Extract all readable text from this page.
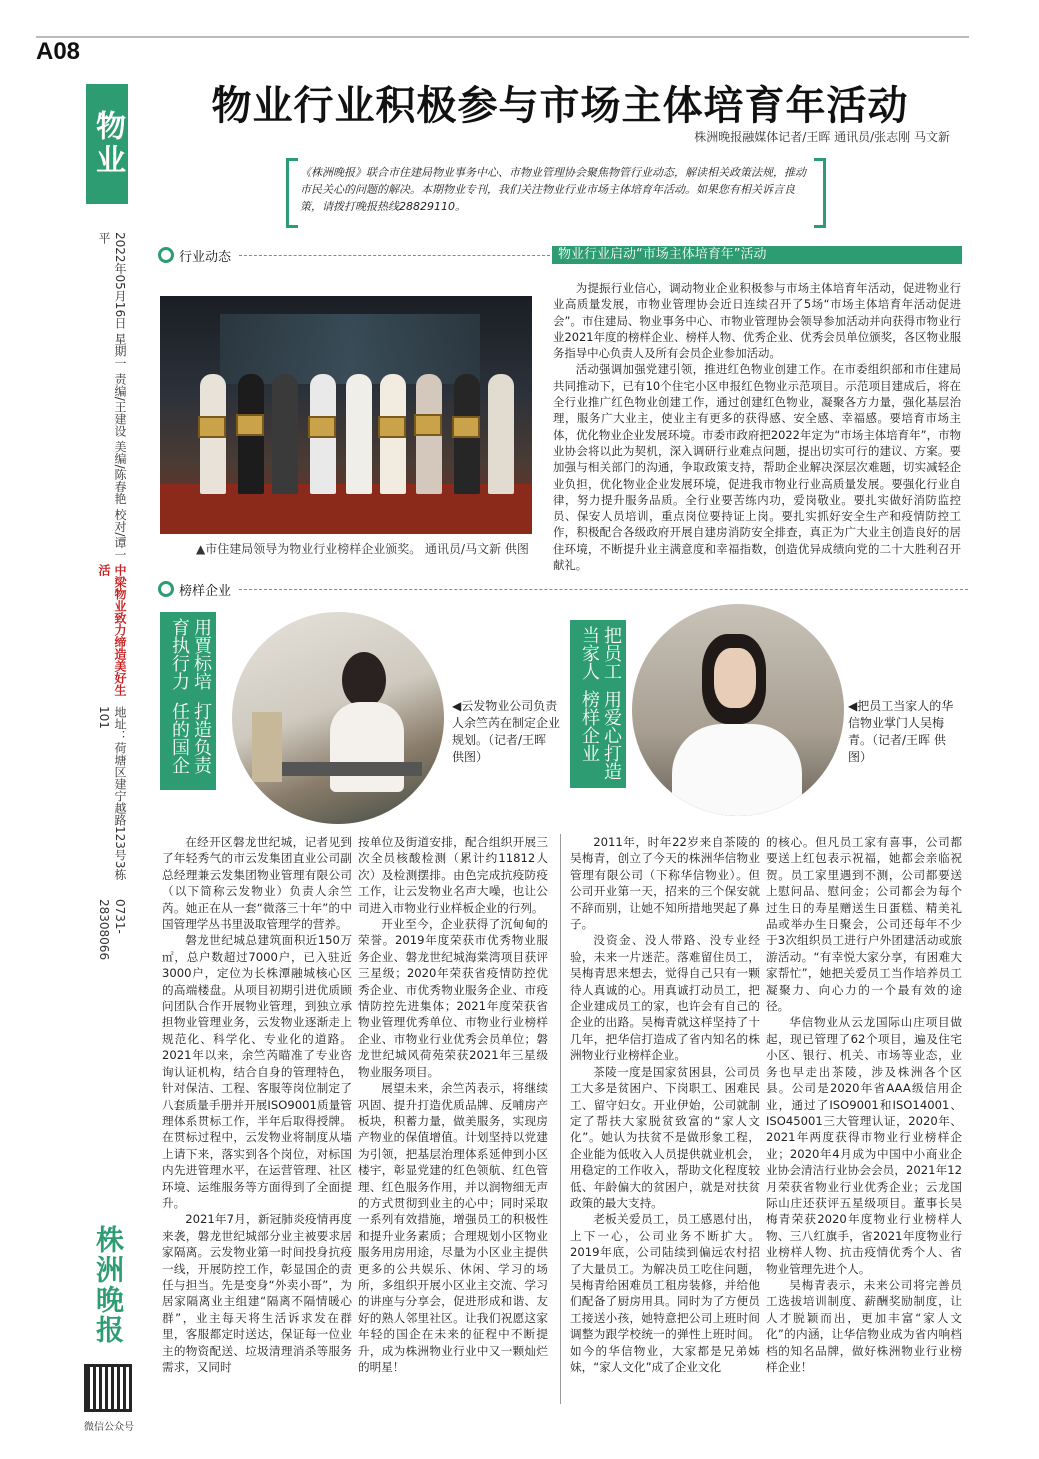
A08
物业
0731-28308066
地址：荷塘区建宁越路123号3栋101
中梁物业致力缔造美好生活
2022年05月16日 星期一 责编/王建设 美编/陈春艳 校对/谭一平
株洲晚报
微信公众号
物业行业积极参与市场主体培育年活动
株洲晚报融媒体记者/王晖 通讯员/张志刚 马文新
《株洲晚报》联合市住建局物业事务中心、市物业管理协会聚焦物管行业动态，解读相关政策法规，推动市民关心的问题的解决。本期物业专刊，我们关注物业行业市场主体培育年活动。如果您有相关诉言良策，请拨打晚报热线28829110。
行业动态	物业行业启动“市场主体培育年”活动
▲市住建局领导为物业行业榜样企业颁奖。 通讯员/马文新 供图

为提振行业信心，调动物业企业积极参与市场主体培育年活动，促进物业行业高质量发展，市物业管理协会近日连续召开了5场“市场主体培育年活动促进会”。市住建局、物业事务中心、市物业管理协会领导参加活动并向获得市物业行业2021年度的榜样企业、榜样人物、优秀企业、优秀会员单位颁奖，各区物业服务指导中心负责人及所有会员企业参加活动。

活动强调加强党建引领，推进红色物业创建工作。在市委组织部和市住建局共同推动下，已有10个住宅小区申报红色物业示范项目。示范项目建成后，将在全行业推广红色物业创建工作，通过创建红色物业，凝聚各方力量，强化基层治理，服务广大业主，使业主有更多的获得感、安全感、幸福感。要培育市场主体，优化物业企业发展环境。市委市政府把2022年定为“市场主体培育年”，市物业协会将以此为契机，深入调研行业难点问题，提出切实可行的建议、方案。要加强与相关部门的沟通，争取政策支持，帮助企业解决深层次难题，切实减轻企业负担，优化物业企业发展环境，促进我市物业行业高质量发展。要强化行业自律，努力提升服务品质。全行业要苦练内功，爱岗敬业。要扎实做好消防监控员、保安人员培训，重点岗位要持证上岗。要扎实抓好安全生产和疫情防控工作，积极配合各级政府开展自建房消防安全排查，真正为广大业主创造良好的居住环境，不断提升业主满意度和幸福指数，创造优异成绩向党的二十大胜利召开献礼。

榜样企业
打造负责任的国企
用賈标培育执行力
◀云发物业公司负责人余竺芮在制定企业规划。（记者/王晖 供图）	用爱心打造榜样企业
把员工当家人
◀把员工当家人的华信物业掌门人吴梅青。（记者/王晖 供图）

在经开区磐龙世纪城，记者见到了年轻秀气的市云发集团直业公司副总经理兼云发集团物业管理有限公司（以下简称云发物业）负责人余竺芮。她正在从一套“微落三十年”的中国管理学丛书里汲取管理学的营养。

磐龙世纪城总建筑面积近150万㎡，总户数超过7000户，已入驻近3000户，定位为长株潭融城核心区的高端楼盘。从项目初期引进优质顾问团队合作开展物业管理，到独立承担物业管理业务，云发物业逐渐走上规范化、科学化、专业化的道路。2021年以来，余竺芮瞄准了专业咨询认证机构，结合自身的管理特色，针对保洁、工程、客服等岗位制定了八套质量手册并开展ISO9001质量管理体系贯标工作，半年后取得授牌。在贯标过程中，云发物业将制度从墙上请下来，落实到各个岗位，对标国内先进管理水平，在运营管理、社区环境、运维服务等方面得到了全面提升。

2021年7月，新冠肺炎疫情再度来袭，磐龙世纪城部分业主被要求居家隔离。云发物业第一时间投身抗疫一线，开展防控工作，彰显国企的责任与担当。先是变身“外卖小哥”，为居家隔离业主组建“隔离不隔情暖心群”，业主每天将生活诉求发在群里，客服都定时送达，保证每一位业主的物资配送、垃圾清理消杀等服务需求，又同时

按单位及街道安排，配合组织开展三次全员核酸检测（累计约11812人次）及检测摆排。由色完成抗疫防疫工作，让云发物业名声大噪，也让公司进入市物业行业样板企业的行列。

开业至今，企业获得了沉甸甸的荣誉。2019年度荣获市优秀物业服务企业、磐龙世纪城海棠湾项目获评三星级；2020年荣获省疫情防控优秀企业、市优秀物业服务企业、市疫情防控先进集体；2021年度荣获省物业管理优秀单位、市物业行业榜样企业、市物业行业优秀会员单位；磐龙世纪城风荷苑荣获2021年三星级物业服务项目。

展望未来，余竺芮表示，将继续巩固、提升打造优质品牌、反哺房产板块，积蓄力量，做美服务，实现房产物业的保值增值。计划坚持以党建为引领，把基层治理体系延伸到小区楼宇，彰显党建的红色领航、红色管理、红色服务作用，并以润物细无声的方式贯彻到业主的心中；同时采取一系列有效措施，增强员工的积极性和提升业务素质；合理规划小区物业服务用房用途，尽量为小区业主提供更多的公共娱乐、休闲、学习的场所，多组织开展小区业主交流、学习的讲座与分享会，促进形成和谐、友好的熟人邻里社区。让我们祝愿这家年轻的国企在未来的征程中不断提升，成为株洲物业行业中又一颗灿烂的明星！

2011年，时年22岁来自茶陵的吴梅青，创立了今天的株洲华信物业管理有限公司（下称华信物业）。但公司开业第一天，招来的三个保安就不辞而别，让她不知所措地哭起了鼻子。

没资金、没人带路、没专业经验，未来一片迷茫。落难留住员工，吴梅青思来想去，觉得自己只有一颗待人真诚的心。用真诚打动员工，把企业建成员工的家，也许会有自己的企业的出路。吴梅青就这样坚持了十几年，把华信打造成了省内知名的株洲物业行业榜样企业。

茶陵一度是国家贫困县，公司员工大多是贫困户、下岗职工、困难民工、留守妇女。开业伊始，公司就制定了帮扶大家脱贫致富的“家人文化”。她认为扶贫不是做形象工程，企业能为低收入人员提供就业机会，用稳定的工作收入，帮助文化程度较低、年龄偏大的贫困户，就是对扶贫政策的最大支持。

老板关爱员工，员工感恩付出，上下一心，公司业务不断扩大。2019年底，公司陆续到偏远农村招了大量员工。为解决员工吃住问题，吴梅青给困难员工租房装修，并给他们配备了厨房用具。同时为了方便员工接送小孩，她特意把公司上班时间调整为跟学校统一的弹性上班时间。如今的华信物业，大家都是兄弟姊妹，“家人文化”成了企业文化

的核心。但凡员工家有喜事，公司都要送上红包表示祝福，她都会亲临祝贺。员工家里遇到不测，公司都要送上慰问品、慰问金；公司都会为每个过生日的寿星赠送生日蛋糕、精美礼品或举办生日聚会，公司还每年不少于3次组织员工进行户外团建活动或旅游活动。“有幸悦大家分享，有困难大家帮忙”，她把关爱员工当作培养员工凝聚力、向心力的一个最有效的途径。

华信物业从云龙国际山庄项目做起，现已管理了62个项目，遍及住宅小区、银行、机关、市场等业态，业务也早走出茶陵，涉及株洲各个区县。公司是2020年省AAA级信用企业，通过了ISO9001和ISO14001、ISO45001三大管理认证，2020年、2021年两度获得市物业行业榜样企业；2020年4月成为中国中小商业企业协会清洁行业协会会员，2021年12月荣获省物业行业优秀企业；云龙国际山庄还获评五星级项目。董事长吴梅青荣获2020年度物业行业榜样人物、三八红旗手，省2021年度物业行业榜样人物、抗击疫情优秀个人、省物业管理先进个人。

吴梅青表示，未来公司将完善员工选拔培训制度、薪酬奖励制度，让人才脱颖而出，更加丰富“家人文化”的内涵，让华信物业成为省内响档档的知名品牌，做好株洲物业行业榜样企业！
